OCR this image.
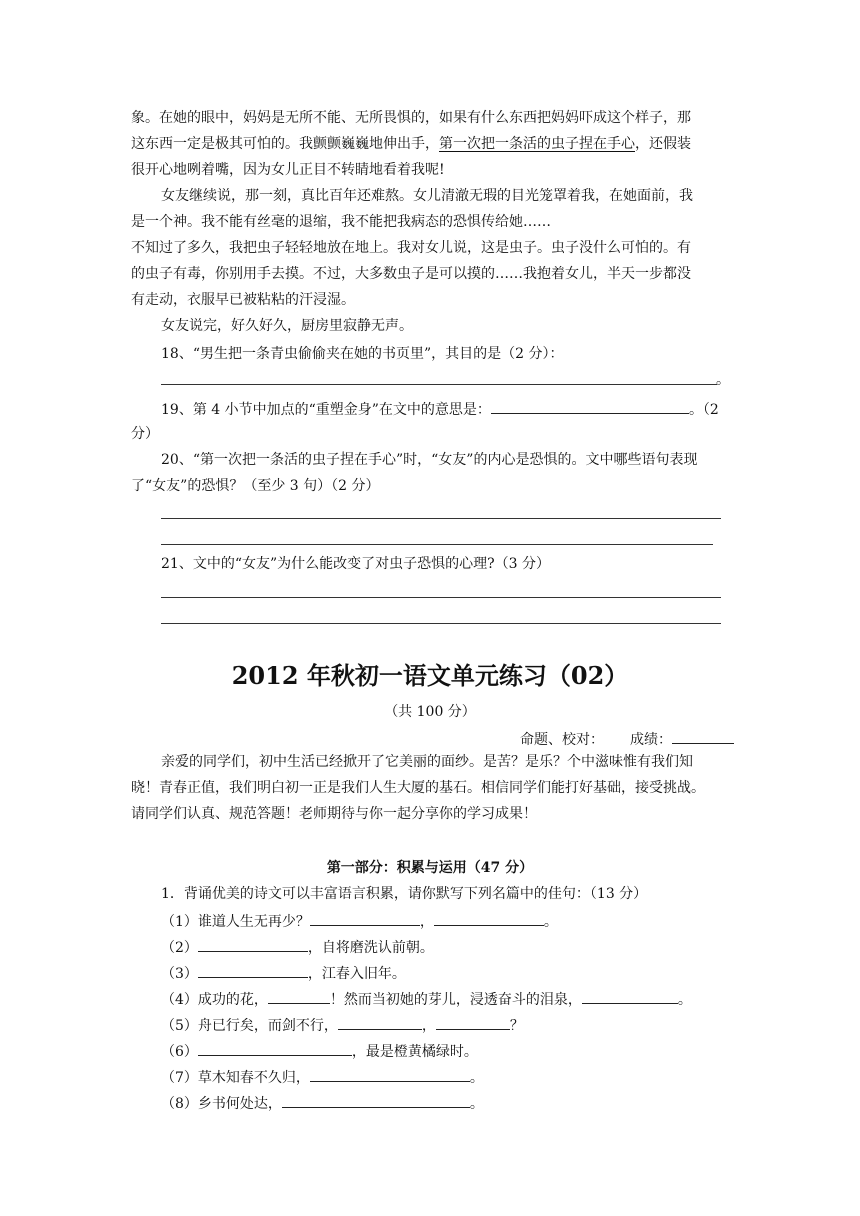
象。在她的眼中，妈妈是无所不能、无所畏惧的，如果有什么东西把妈妈吓成这个样子，那
这东西一定是极其可怕的。我颤颤巍巍地伸出手，第一次把一条活的虫子捏在手心，还假装
很开心地咧着嘴，因为女儿正目不转睛地看着我呢!
女友继续说，那一刻，真比百年还难熬。女儿清澈无瑕的目光笼罩着我，在她面前，我
是一个神。我不能有丝毫的退缩，我不能把我病态的恐惧传给她……
不知过了多久，我把虫子轻轻地放在地上。我对女儿说，这是虫子。虫子没什么可怕的。有
的虫子有毒，你别用手去摸。不过，大多数虫子是可以摸的……我抱着女儿，半天一步都没
有走动，衣服早已被粘粘的汗浸湿。
女友说完，好久好久，厨房里寂静无声。
18、“男生把一条青虫偷偷夹在她的书页里”，其目的是（2 分）：
。
19、第 4 小节中加点的“重塑金身”在文中的意思是：	。（2
分）
20、“第一次把一条活的虫子捏在手心”时，“女友”的内心是恐惧的。文中哪些语句表现
了“女友”的恐惧？（至少 3 句）（2 分）
21、文中的“女友”为什么能改变了对虫子恐惧的心理?（3 分）
2012 年秋初一语文单元练习（02）
（共 100 分）
命题、校对： 成绩：
亲爱的同学们，初中生活已经掀开了它美丽的面纱。是苦？是乐？个中滋味惟有我们知
晓！青春正值，我们明白初一正是我们人生大厦的基石。相信同学们能打好基础，接受挑战。
请同学们认真、规范答题！老师期待与你一起分享你的学习成果！
第一部分：积累与运用（47 分）
1．背诵优美的诗文可以丰富语言积累，请你默写下列名篇中的佳句：（13 分）
（1）谁道人生无再少？	，	。
（2）	，自将磨洗认前朝。
（3）	，江春入旧年。
（4）成功的花，	！然而当初她的芽儿，浸透奋斗的泪泉，	。
（5）舟已行矣，而剑不行，	，	？
（6）	，最是橙黄橘绿时。
（7）草木知春不久归，	。
（8）乡书何处达，	。
